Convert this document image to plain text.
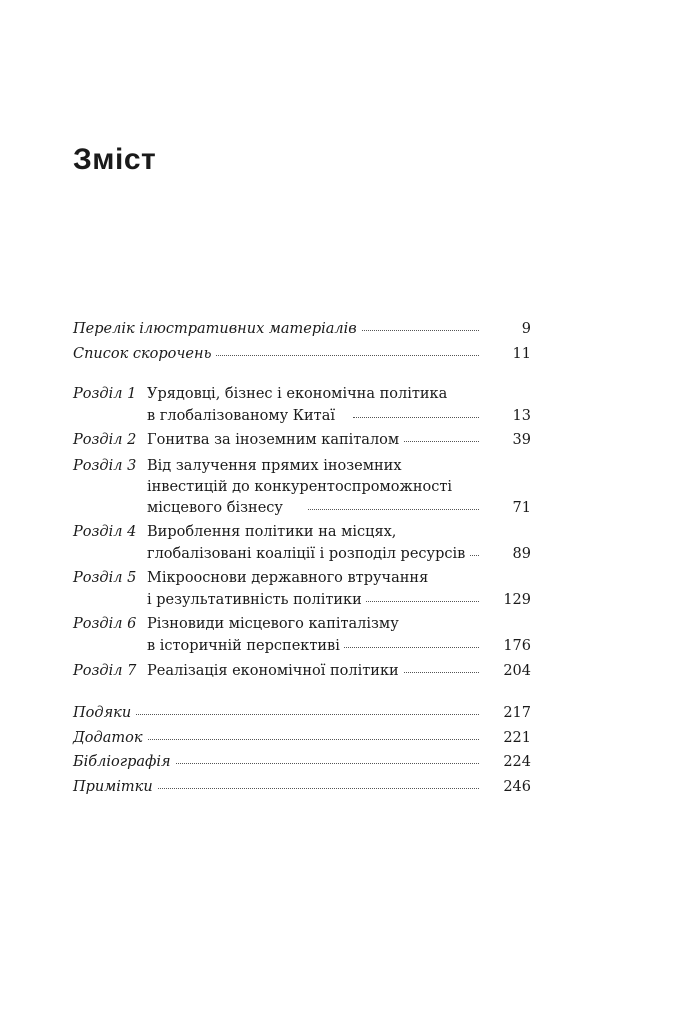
Зміст
Перелік ілюстративних матеріалів	9
Список скорочень	11
Розділ 1 Урядовці, бізнес і економічна політика
в глобалізованому Китаї	13
Розділ 2 Гонитва за іноземним капіталом	39
Розділ 3 Від залучення прямих іноземних
інвестицій до конкурентоспроможності
місцевого бізнесу	71
Розділ 4 Вироблення політики на місцях,
глобалізовані коаліції і розподіл ресурсів	89
Розділ 5 Мікрооснови державного втручання
і результативність політики	129
Розділ 6 Різновиди місцевого капіталізму
в історичній перспективі	176
Розділ 7 Реалізація економічної політики	204
Подяки	217
Додаток	221
Бібліографія	224
Примітки	246
